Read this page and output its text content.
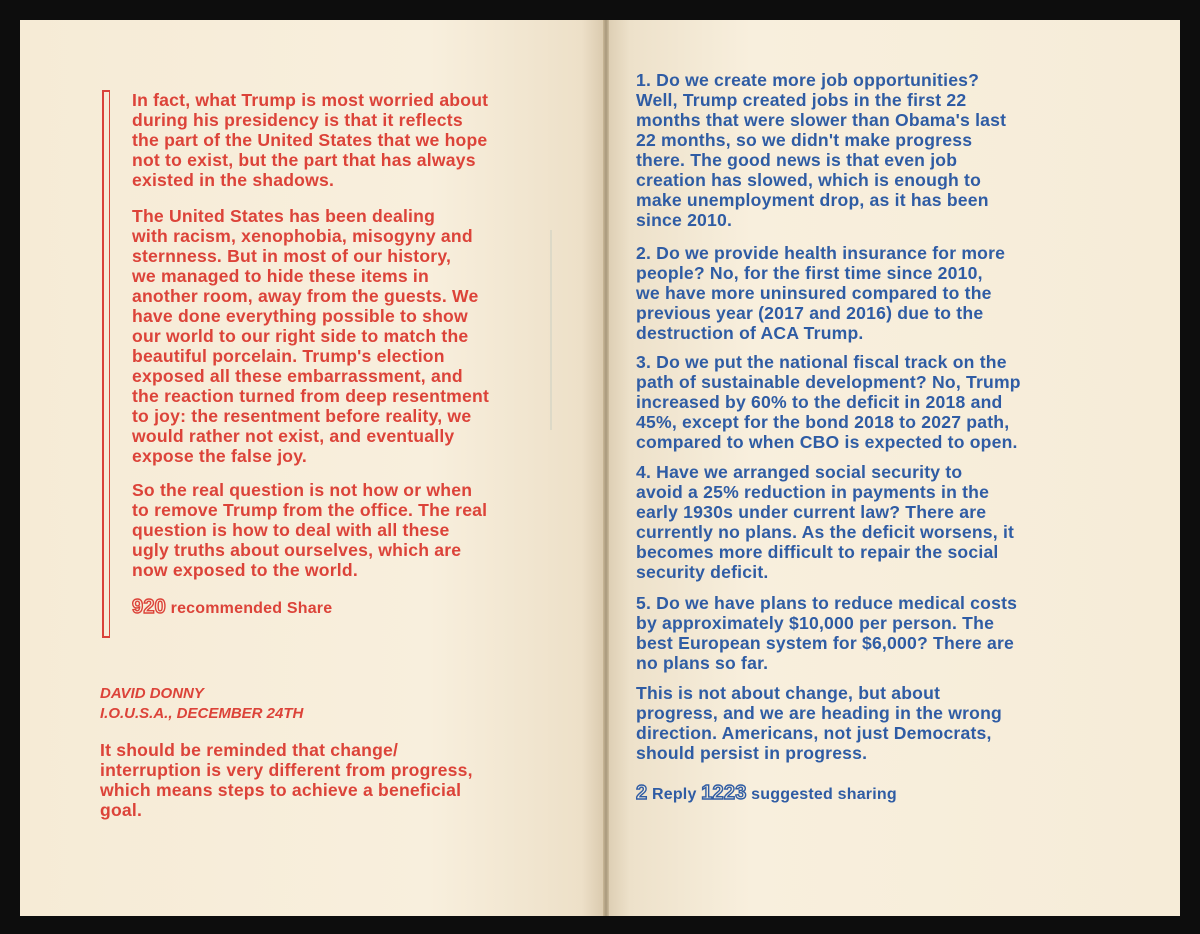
In fact, what Trump is most worried about
during his presidency is that it reflects
the part of the United States that we hope
not to exist, but the part that has always
existed in the shadows.

The United States has been dealing
with racism, xenophobia, misogyny and
sternness. But in most of our history,
we managed to hide these items in
another room, away from the guests. We
have done everything possible to show
our world to our right side to match the
beautiful porcelain. Trump's election
exposed all these embarrassment, and
the reaction turned from deep resentment
to joy: the resentment before reality, we
would rather not exist, and eventually
expose the false joy.

So the real question is not how or when
to remove Trump from the office. The real
question is how to deal with all these
ugly truths about ourselves, which are
now exposed to the world.

920 recommended Share
DAVID DONNY
I.O.U.S.A., DECEMBER 24TH

It should be reminded that change/
interruption is very different from progress,
which means steps to achieve a beneficial
goal.

1. Do we create more job opportunities?
Well, Trump created jobs in the first 22
months that were slower than Obama's last
22 months, so we didn't make progress
there. The good news is that even job
creation has slowed, which is enough to
make unemployment drop, as it has been
since 2010.

2. Do we provide health insurance for more
people? No, for the first time since 2010,
we have more uninsured compared to the
previous year (2017 and 2016) due to the
destruction of ACA Trump.

3. Do we put the national fiscal track on the
path of sustainable development? No, Trump
increased by 60% to the deficit in 2018 and
45%, except for the bond 2018 to 2027 path,
compared to when CBO is expected to open.

4. Have we arranged social security to
avoid a 25% reduction in payments in the
early 1930s under current law? There are
currently no plans. As the deficit worsens, it
becomes more difficult to repair the social
security deficit.

5. Do we have plans to reduce medical costs
by approximately $10,000 per person. The
best European system for $6,000? There are
no plans so far.

This is not about change, but about
progress, and we are heading in the wrong
direction. Americans, not just Democrats,
should persist in progress.

2 Reply 1223 suggested sharing
